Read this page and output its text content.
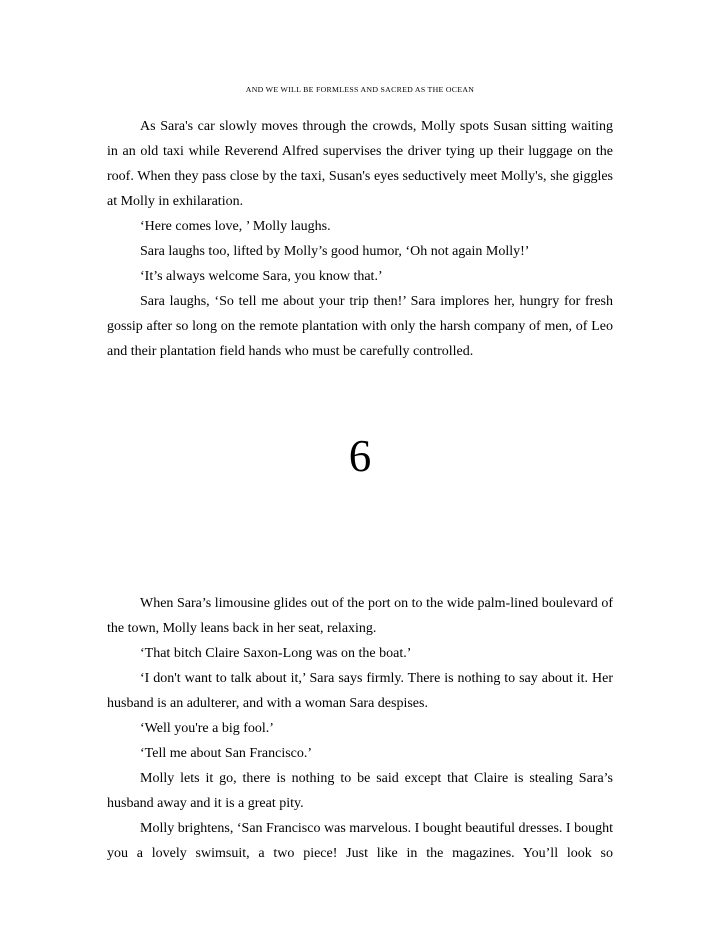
AND WE WILL BE FORMLESS AND SACRED AS THE OCEAN

As Sara's car slowly moves through the crowds, Molly spots Susan sitting waiting in an old taxi while Reverend Alfred supervises the driver tying up their luggage on the roof. When they pass close by the taxi, Susan's eyes seductively meet Molly's, she giggles at Molly in exhilaration.

‘Here comes love, ’ Molly laughs.

Sara laughs too, lifted by Molly’s good humor, ‘Oh not again Molly!’

‘It’s always welcome Sara, you know that.’

Sara laughs, ‘So tell me about your trip then!’ Sara implores her, hungry for fresh gossip after so long on the remote plantation with only the harsh company of men, of Leo and their plantation field hands who must be carefully controlled.

6

When Sara’s limousine glides out of the port on to the wide palm-lined boulevard of the town, Molly leans back in her seat, relaxing.

‘That bitch Claire Saxon-Long was on the boat.’

‘I don't want to talk about it,’ Sara says firmly. There is nothing to say about it. Her husband is an adulterer, and with a woman Sara despises.

‘Well you're a big fool.’

‘Tell me about San Francisco.’

Molly lets it go, there is nothing to be said except that Claire is stealing Sara’s husband away and it is a great pity.

Molly brightens, ‘San Francisco was marvelous. I bought beautiful dresses. I bought you a lovely swimsuit, a two piece! Just like in the magazines. You’ll look so
